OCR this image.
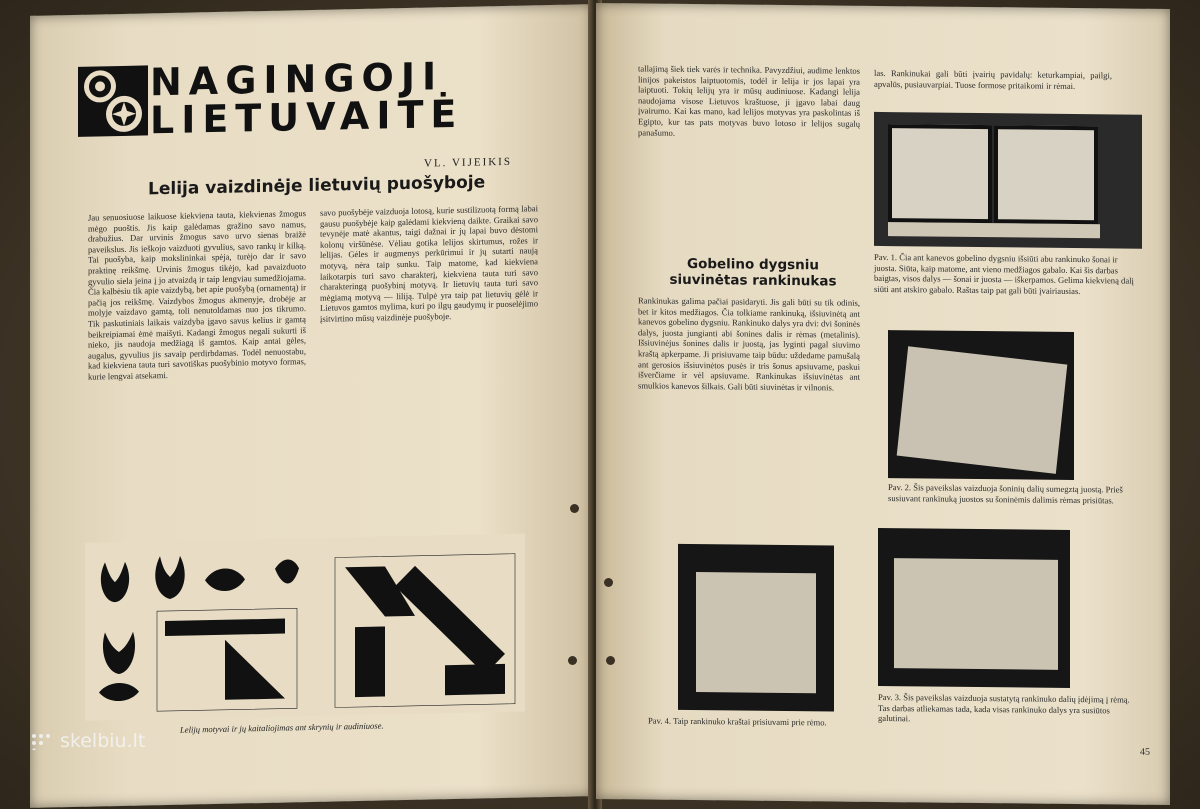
NAGINGOJI
LIETUVAITĖ
VL. VIJEIKIS
Lelija vaizdinėje lietuvių puošyboje
Jau senuosiuose laikuose kiekviena tauta, kiekvienas žmogus mėgo puoštis. Jis kaip galėdamas gražino savo namus, drabužius. Dar urvinis žmogus savo urvo sienas braižė paveikslus. Jis ieškojo vaizduoti gyvulius, savo rankų ir kilką. Tai puošyba, kaip mokslininkai spėja, turėjo dar ir savo praktinę reikšmę. Urvinis žmogus tikėjo, kad pavaizduoto gyvulio siela jeina į jo atvaizdą ir taip lengviau sumedžiojama. Čia kalbėsiu tik apie vaizdybą, bet apie puošybą (ornamentą) ir pačią jos reikšmę. Vaizdybos žmogus akmenyje, drobėje ar molyje vaizdavo gamtą, toli nenutoldamas nuo jos tikrumo. Tik paskutiniais laikais vaizdyba įgavo savus kelius ir gamtą beikreipiamai ėmė maišyti. Kadangi žmogus negali sukurti iš nieko, jis naudoja medžiagą iš gamtos. Kaip antai gėles, augalus, gyvulius jis savaip perdirbdamas. Todėl nenuostabu, kad kiekviena tauta turi savotiškas puošybinio motyvo formas, kurie lengvai atsekami.
savo puošybėje vaizduoja lotosą, kurie sustilizuotą formą labai gausu puošybėje kaip galėdami kiekvieną daikte. Graikai savo tevynėje matė akantus, taigi dažnai ir jų lapai buvo dėstomi kolonų viršūnėse. Vėliau gotika lelijos skirtumus, rožes ir lelijas. Gėles ir augmenys perkūrimui ir jų sutarti naują motyvą, nėra taip sunku. Taip matome, kad kiekviena laikotarpis turi savo charakterį, kiekviena tauta turi savo charakteringą puošybinį motyvą. Ir lietuvių tauta turi savo mėgiamą motyvą — liliją. Tulpė yra taip pat lietuvių gėlė ir Lietuvos gamtos mylima, kuri po ilgų gaudymų ir puoselėjimo įsitvirtino mūsų vaizdinėje puošyboje.
Lelijų motyvai ir jų kaitaliojimas ant skrynių ir audiniuose.
tallajimą šiek tiek varės ir technika. Pavyzdžiui, audime lenktos linijos pakeistos laiptuotomis, todėl ir lelija ir jos lapai yra laiptuoti. Tokių lelijų yra ir mūsų audiniuose. Kadangi lelija naudojama visose Lietuvos kraštuose, ji įgavo labai daug įvairumo. Kai kas mano, kad lelijos motyvas yra paskolintas iš Egipto, kur tas pats motyvas buvo lotoso ir lelijos sugalų panašumo.
Gobelino dygsniu siuvinėtas rankinukas
Rankinukas galima pačiai pasidaryti. Jis gali būti su tik odinis, bet ir kitos medžiagos. Čia tolkiame rankinuką, išsiuvinėtą ant kanevos gobelino dygsniu. Rankinuko dalys yra dvi: dvi šoninės dalys, juosta jungianti abi šonines dalis ir rėmas (metalinis). Išsiuvinėjus šonines dalis ir juostą, jas lyginti pagal siuvimo kraštą apkerpame. Ji prisiuvame taip būdu: uždedame pamušalą ant gerosios išsiuvinėtos pusės ir tris šonus apsiuvame, paskui išverčiame ir vėl apsiuvame. Rankinukas išsiuvinėtas ant smulkios kanevos šilkais. Gali būti siuvinėtas ir vilnonis.
las. Rankinukai gali būti įvairių pavidalų: keturkampiai, pailgi, apvalūs, pusiauvarpiai. Tuose formose pritaikomi ir rėmai.
Pav. 1. Čia ant kanevos gobelino dygsniu išsiūti abu rankinuko šonai ir juosta. Siūta, kaip matome, ant vieno medžiagos gabalo. Kai šis darbas baigtas, visos dalys — šonai ir juosta — iškerpamos. Gelima kiekvieną dalį siūti ant atskiro gabalo. Raštas taip pat gali būti įvairiausias.
Pav. 2. Šis paveikslas vaizduoja šoninių dalių sumegztą juostą. Prieš susiuvant rankinuką juostos su šoninėmis dalimis rėmas prisiūtas.
Pav. 3. Šis paveikslas vaizduoja sustatytą rankinuko dalių įdėjimą į rėmą. Tas darbas atliekamas tada, kada visas rankinuko dalys yra susiūtos galutinai.
Pav. 4. Taip rankinuko kraštai prisiuvami prie rėmo.
45
skelbiu.lt
